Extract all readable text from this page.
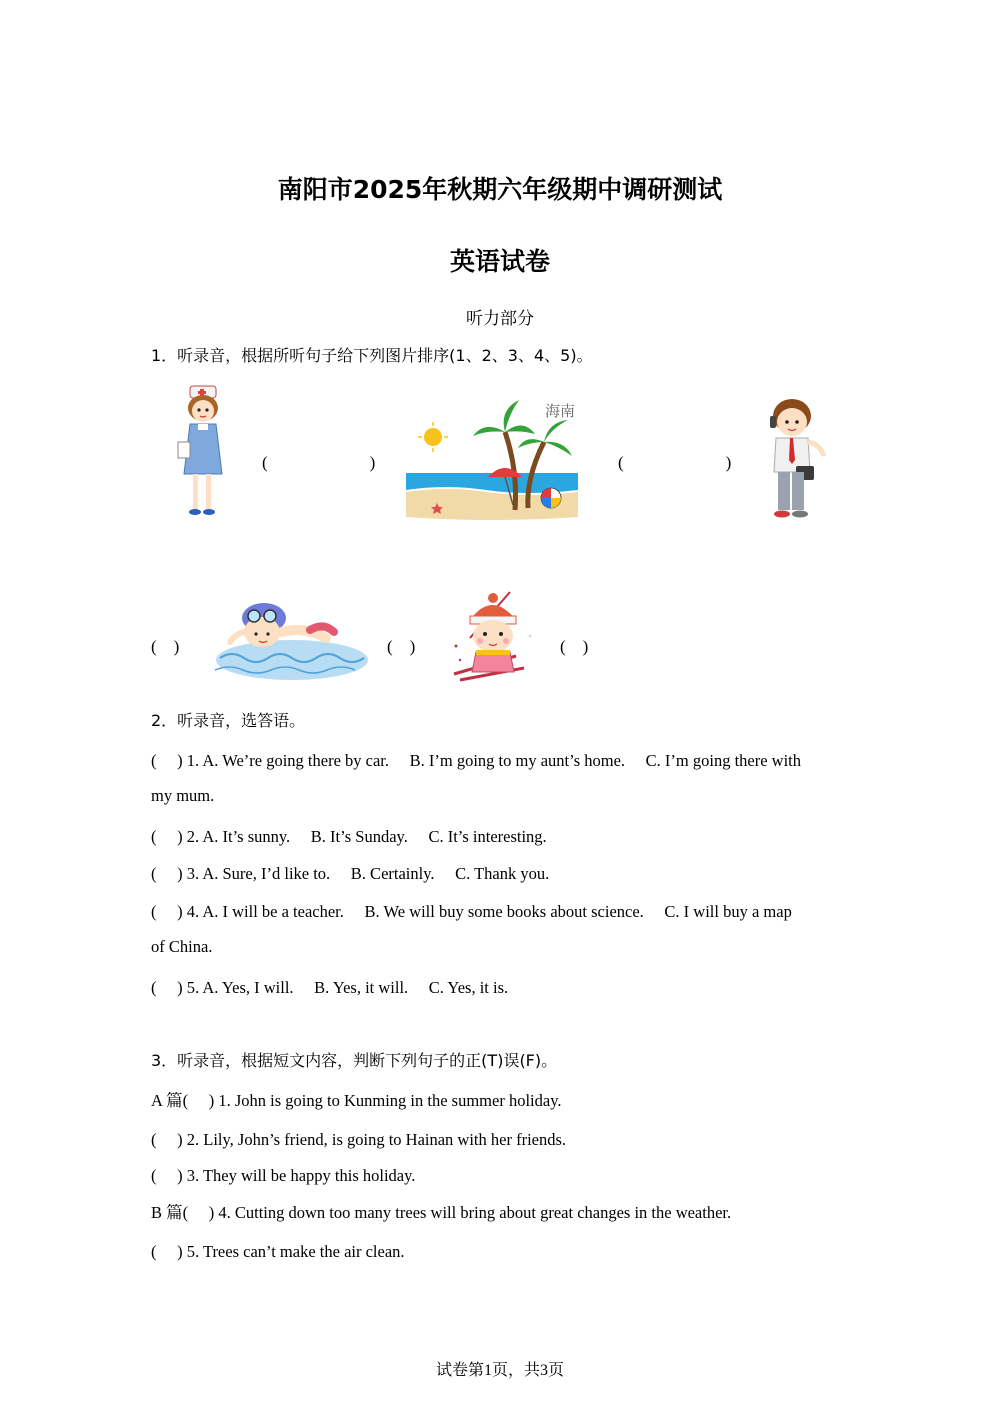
南阳市2025年秋期六年级期中调研测试
英语试卷
听力部分
1．听录音，根据所听句子给下列图片排序(1、2、3、4、5)。
(　　　　　　)
海南
(　　　　　　)
(　)	(　)	(　)
2．听录音，选答语。
(　 ) 1. A. We’re going there by car.　 B. I’m going to my aunt’s home.　 C. I’m going there with
my mum.
(　 ) 2. A. It’s sunny.　 B. It’s Sunday.　 C. It’s interesting.
(　 ) 3. A. Sure, I’d like to.　 B. Certainly.　 C. Thank you.
(　 ) 4. A. I will be a teacher.　 B. We will buy some books about science.　 C. I will buy a map
of China.
(　 ) 5. A. Yes, I will.　 B. Yes, it will.　 C. Yes, it is.
3．听录音，根据短文内容，判断下列句子的正(T)误(F)。
A 篇(　 ) 1. John is going to Kunming in the summer holiday.
(　 ) 2. Lily, John’s friend, is going to Hainan with her friends.
(　 ) 3. They will be happy this holiday.
B 篇(　 ) 4. Cutting down too many trees will bring about great changes in the weather.
(　 ) 5. Trees can’t make the air clean.
试卷第1页，共3页
